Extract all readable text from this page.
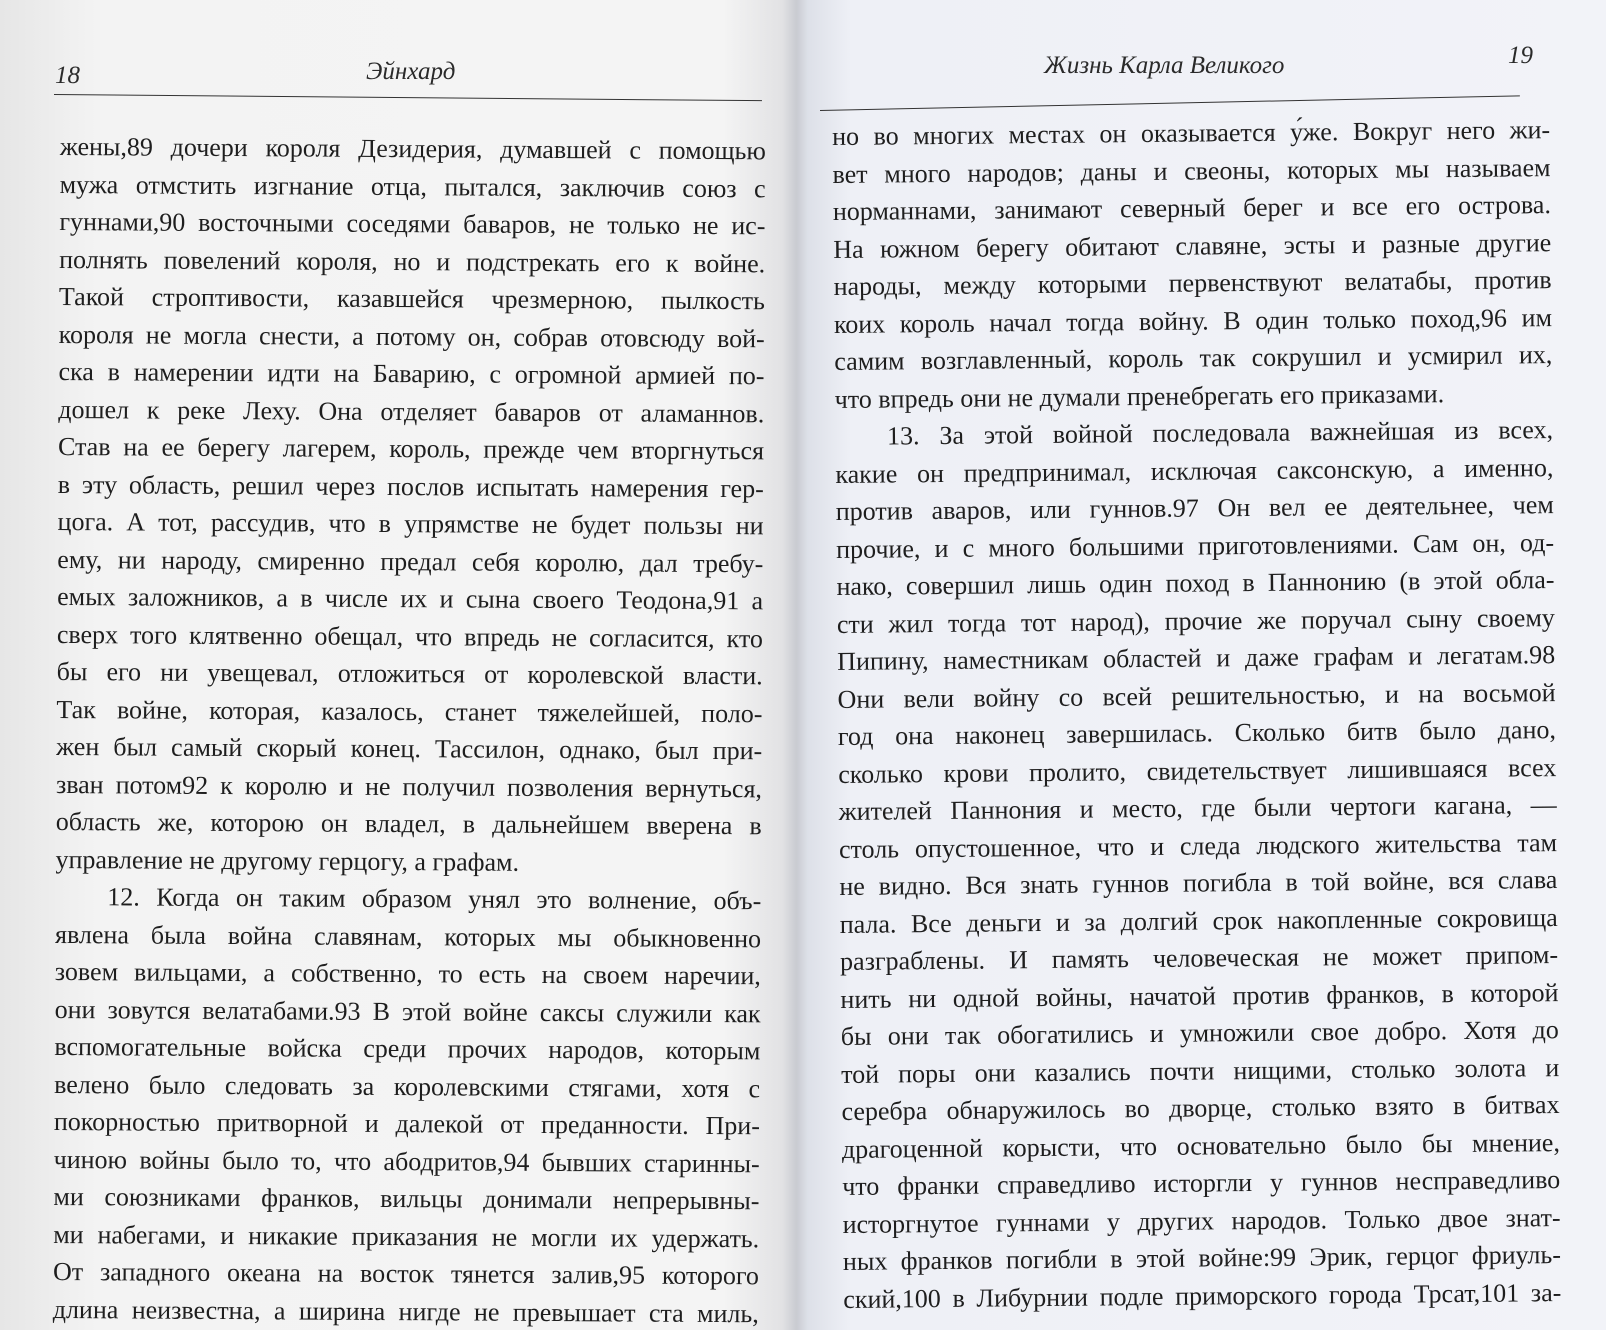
18	Эйнхард
жены,89 дочери короля Дезидерия, думавшей с помощью
мужа отмстить изгнание отца, пытался, заключив союз с
гуннами,90 восточными соседями баваров, не только не ис-
полнять повелений короля, но и подстрекать его к войне.
Такой строптивости, казавшейся чрезмерною, пылкость
короля не могла снести, а потому он, собрав отовсюду вой-
ска в намерении идти на Баварию, с огромной армией по-
дошел к реке Леху. Она отделяет баваров от аламаннов.
Став на ее берегу лагерем, король, прежде чем вторгнуться
в эту область, решил через послов испытать намерения гер-
цога. А тот, рассудив, что в упрямстве не будет пользы ни
ему, ни народу, смиренно предал себя королю, дал требу-
емых заложников, а в числе их и сына своего Теодона,91 а
сверх того клятвенно обещал, что впредь не согласится, кто
бы его ни увещевал, отложиться от королевской власти.
Так войне, которая, казалось, станет тяжелейшей, поло-
жен был самый скорый конец. Тассилон, однако, был при-
зван потом92 к королю и не получил позволения вернуться,
область же, которою он владел, в дальнейшем вверена в
управление не другому герцогу, а графам.
12. Когда он таким образом унял это волнение, объ-
явлена была война славянам, которых мы обыкновенно
зовем вильцами, а собственно, то есть на своем наречии,
они зовутся велатабами.93 В этой войне саксы служили как
вспомогательные войска среди прочих народов, которым
велено было следовать за королевскими стягами, хотя с
покорностью притворной и далекой от преданности. При-
чиною войны было то, что абодритов,94 бывших старинны-
ми союзниками франков, вильцы донимали непрерывны-
ми набегами, и никакие приказания не могли их удержать.
От западного океана на восток тянется залив,95 которого
длина неизвестна, а ширина нигде не превышает ста миль,
Жизнь Карла Великого	19
но во многих местах он оказывается у́же. Вокруг него жи-
вет много народов; даны и свеоны, которых мы называем
норманнами, занимают северный берег и все его острова.
На южном берегу обитают славяне, эсты и разные другие
народы, между которыми первенствуют велатабы, против
коих король начал тогда войну. В один только поход,96 им
самим возглавленный, король так сокрушил и усмирил их,
что впредь они не думали пренебрегать его приказами.
13. За этой войной последовала важнейшая из всех,
какие он предпринимал, исключая саксонскую, а именно,
против аваров, или гуннов.97 Он вел ее деятельнее, чем
прочие, и с много большими приготовлениями. Сам он, од-
нако, совершил лишь один поход в Паннонию (в этой обла-
сти жил тогда тот народ), прочие же поручал сыну своему
Пипину, наместникам областей и даже графам и легатам.98
Они вели войну со всей решительностью, и на восьмой
год она наконец завершилась. Сколько битв было дано,
сколько крови пролито, свидетельствует лишившаяся всех
жителей Паннония и место, где были чертоги кагана, —
столь опустошенное, что и следа людского жительства там
не видно. Вся знать гуннов погибла в той войне, вся слава
пала. Все деньги и за долгий срок накопленные сокровища
разграблены. И память человеческая не может припом-
нить ни одной войны, начатой против франков, в которой
бы они так обогатились и умножили свое добро. Хотя до
той поры они казались почти нищими, столько золота и
серебра обнаружилось во дворце, столько взято в битвах
драгоценной корысти, что основательно было бы мнение,
что франки справедливо исторгли у гуннов несправедливо
исторгнутое гуннами у других народов. Только двое знат-
ных франков погибли в этой войне:99 Эрик, герцог фриуль-
ский,100 в Либурнии подле приморского города Трсат,101 за-
